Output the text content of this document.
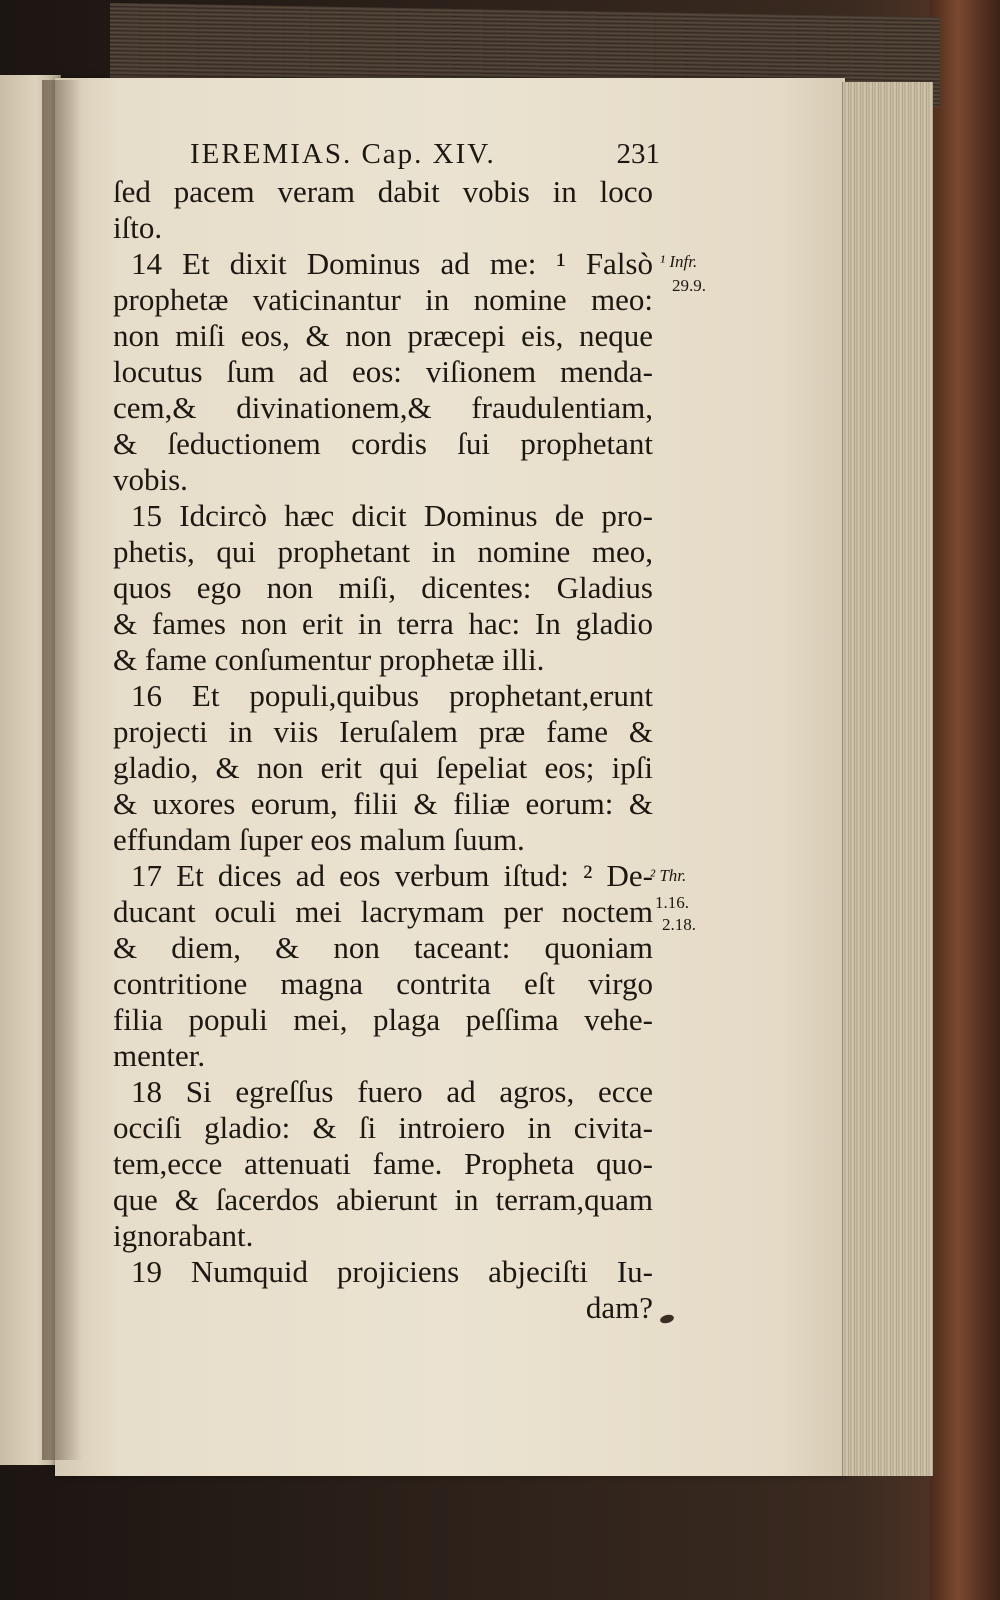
IEREMIAS. Cap. XIV.	231
ſed pacem veram dabit vobis in loco
iſto.
14 Et dixit Dominus ad me: ¹ Falsò
prophetæ vaticinantur in nomine meo:
non miſi eos, & non præcepi eis, neque
locutus ſum ad eos: viſionem menda-
cem,& divinationem,& fraudulentiam,
& ſeductionem cordis ſui prophetant
vobis.
15 Idcircò hæc dicit Dominus de pro-
phetis, qui prophetant in nomine meo,
quos ego non miſi, dicentes: Gladius
& fames non erit in terra hac: In gladio
& fame conſumentur prophetæ illi.
16 Et populi,quibus prophetant,erunt
projecti in viis Ieruſalem præ fame &
gladio, & non erit qui ſepeliat eos; ipſi
& uxores eorum, filii & filiæ eorum: &
effundam ſuper eos malum ſuum.
17 Et dices ad eos verbum iſtud: ² De-
ducant oculi mei lacrymam per noctem
& diem, & non taceant: quoniam
contritione magna contrita eſt virgo
filia populi mei, plaga peſſima vehe-
menter.
18 Si egreſſus fuero ad agros, ecce
occiſi gladio: & ſi introiero in civita-
tem,ecce attenuati fame. Propheta quo-
que & ſacerdos abierunt in terram,quam
ignorabant.
19 Numquid projiciens abjeciſti Iu-
dam?
¹ Infr.
29.9.
² Thr.
1.16.
2.18.
